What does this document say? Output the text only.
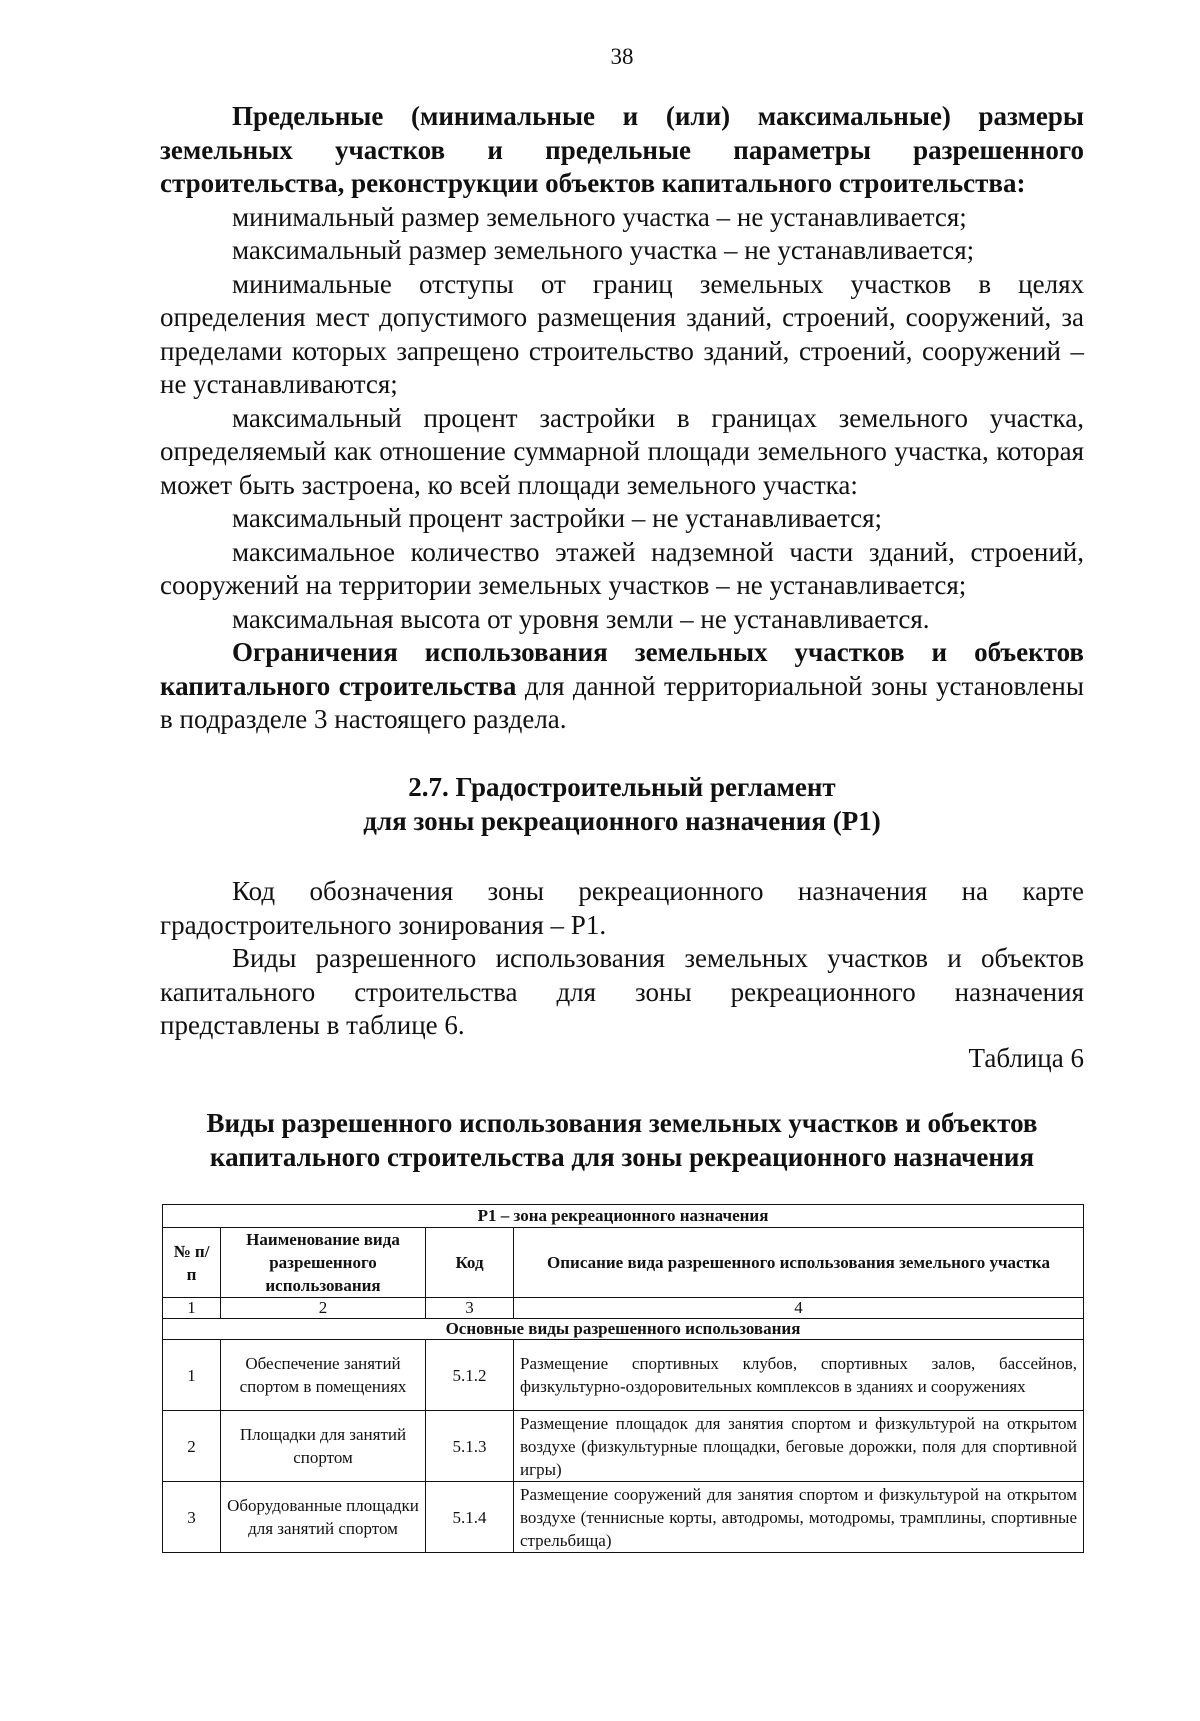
38

Предельные (минимальные и (или) максимальные) размеры земельных участков и предельные параметры разрешенного строительства, реконструкции объектов капитального строительства:

минимальный размер земельного участка – не устанавливается;

максимальный размер земельного участка – не устанавливается;

минимальные отступы от границ земельных участков в целях определения мест допустимого размещения зданий, строений, сооружений, за пределами которых запрещено строительство зданий, строений, сооружений – не устанавливаются;

максимальный процент застройки в границах земельного участка, определяемый как отношение суммарной площади земельного участка, которая может быть застроена, ко всей площади земельного участка:

максимальный процент застройки – не устанавливается;

максимальное количество этажей надземной части зданий, строений, сооружений на территории земельных участков – не устанавливается;

максимальная высота от уровня земли – не устанавливается.

Ограничения использования земельных участков и объектов капитального строительства для данной территориальной зоны установлены в подразделе 3 настоящего раздела.

2.7. Градостроительный регламент
для зоны рекреационного назначения (Р1)

Код обозначения зоны рекреационного назначения на карте градостроительного зонирования – Р1.

Виды разрешенного использования земельных участков и объектов капитального строительства для зоны рекреационного назначения представлены в таблице 6.

Таблица 6
Виды разрешенного использования земельных участков и объектов
капитального строительства для зоны рекреационного назначения
Р1 – зона рекреационного назначения			
№ п/п	Наименование вида разрешенного использования	Код	Описание вида разрешенного использования земельного участка
1	2	3	4
Основные виды разрешенного использования			
1	Обеспечение занятий спортом в помещениях	5.1.2	Размещение спортивных клубов, спортивных залов, бассейнов, физкультурно-оздоровительных комплексов в зданиях и сооружениях
2	Площадки для занятий спортом	5.1.3	Размещение площадок для занятия спортом и физкультурой на открытом воздухе (физкультурные площадки, беговые дорожки, поля для спортивной игры)
3	Оборудованные площадки для занятий спортом	5.1.4	Размещение сооружений для занятия спортом и физкультурой на открытом воздухе (теннисные корты, автодромы, мотодромы, трамплины, спортивные стрельбища)
